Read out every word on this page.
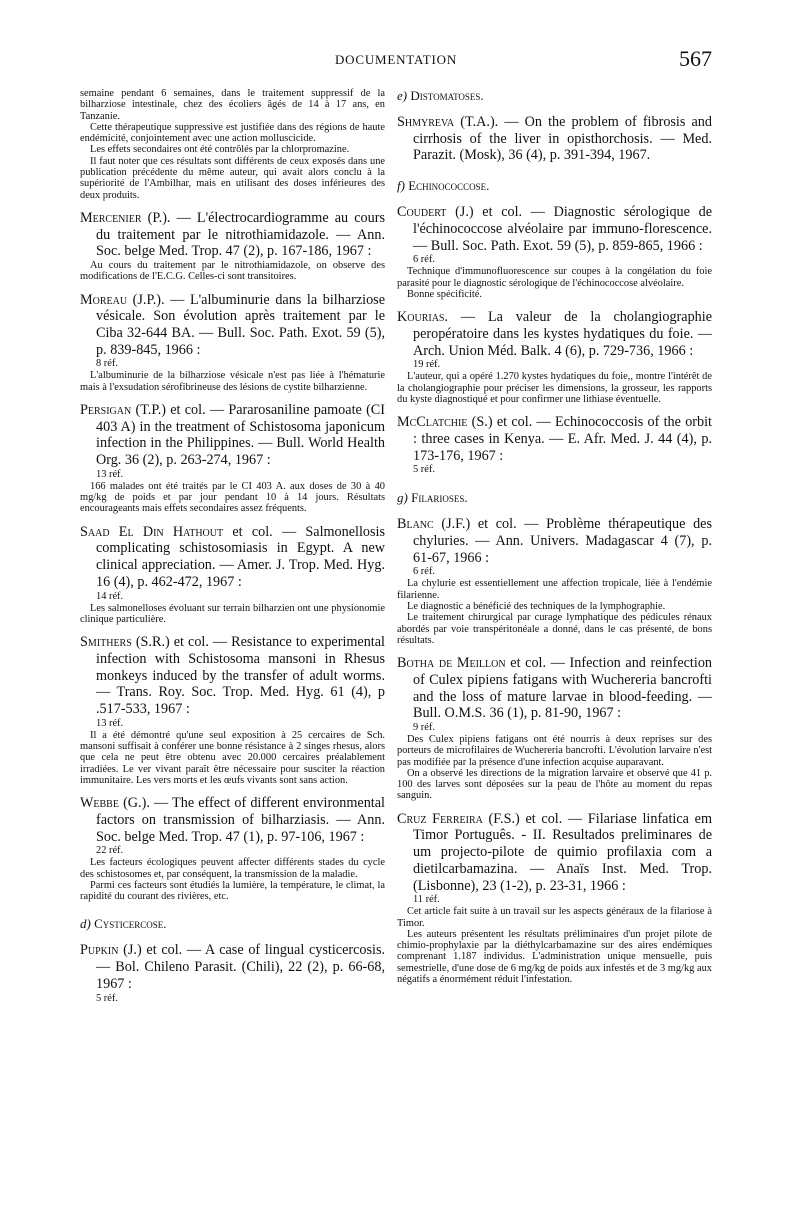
DOCUMENTATION	567

semaine pendant 6 semaines, dans le traitement suppressif de la bilharziose intestinale, chez des écoliers âgés de 14 à 17 ans, en Tanzanie.

Cette thérapeutique suppressive est justifiée dans des régions de haute endémicité, conjointement avec une action molluscicide.

Les effets secondaires ont été contrôlés par la chlorpromazine.

Il faut noter que ces résultats sont différents de ceux exposés dans une publication précédente du même auteur, qui avait alors conclu à la supériorité de l'Ambilhar, mais en utilisant des doses inférieures des deux produits.

Mercenier (P.). — L'électrocardiogramme au cours du traitement par le nitrothiamidazole. — Ann. Soc. belge Med. Trop. 47 (2), p. 167-186, 1967 :

Au cours du traitement par le nitrothiamidazole, on observe des modifications de l'E.C.G. Celles-ci sont transitoires.

Moreau (J.P.). — L'albuminurie dans la bilharziose vésicale. Son évolution après traitement par le Ciba 32-644 BA. — Bull. Soc. Path. Exot. 59 (5), p. 839-845, 1966 :

8 réf.

L'albuminurie de la bilharziose vésicale n'est pas liée à l'hématurie mais à l'exsudation sérofibrineuse des lésions de cystite bilharzienne.

Persigan (T.P.) et col. — Pararosaniline pamoate (CI 403 A) in the treatment of Schistosoma japonicum infection in the Philippines. — Bull. World Health Org. 36 (2), p. 263-274, 1967 :

13 réf.

166 malades ont été traités par le CI 403 A. aux doses de 30 à 40 mg/kg de poids et par jour pendant 10 à 14 jours. Résultats encourageants mais effets secondaires assez fréquents.

Saad El Din Hathout et col. — Salmonellosis complicating schistosomiasis in Egypt. A new clinical appreciation. — Amer. J. Trop. Med. Hyg. 16 (4), p. 462-472, 1967 :

14 réf.

Les salmonelloses évoluant sur terrain bilharzien ont une physionomie clinique particulière.

Smithers (S.R.) et col. — Resistance to experimental infection with Schistosoma mansoni in Rhesus monkeys induced by the transfer of adult worms. — Trans. Roy. Soc. Trop. Med. Hyg. 61 (4), p .517-533, 1967 :

13 réf.

Il a été démontré qu'une seul exposition à 25 cercaires de Sch. mansoni suffisait à conférer une bonne résistance à 2 singes rhesus, alors que cela ne peut être obtenu avec 20.000 cercaires préalablement irradiées. Le ver vivant paraît être nécessaire pour susciter la réaction immunitaire. Les vers morts et les œufs vivants sont sans action.

Webbe (G.). — The effect of different environmental factors on transmission of bilharziasis. — Ann. Soc. belge Med. Trop. 47 (1), p. 97-106, 1967 :

22 réf.

Les facteurs écologiques peuvent affecter différents stades du cycle des schistosomes et, par conséquent, la transmission de la maladie.

Parmi ces facteurs sont étudiés la lumière, la température, le climat, la rapidité du courant des rivières, etc.

d) Cysticercose.

Pupkin (J.) et col. — A case of lingual cysticercosis. — Bol. Chileno Parasit. (Chili), 22 (2), p. 66-68, 1967 :

5 réf.
e) Distomatoses.

Shmyreva (T.A.). — On the problem of fibrosis and cirrhosis of the liver in opisthorchosis. — Med. Parazit. (Mosk), 36 (4), p. 391-394, 1967.

f) Echinococcose.

Coudert (J.) et col. — Diagnostic sérologique de l'échinococcose alvéolaire par immuno-florescence. — Bull. Soc. Path. Exot. 59 (5), p. 859-865, 1966 :

6 réf.

Technique d'immunofluorescence sur coupes à la congélation du foie parasité pour le diagnostic sérologique de l'échinococcose alvéolaire.

Bonne spécificité.

Kourias. — La valeur de la cholangiographie peropératoire dans les kystes hydatiques du foie. — Arch. Union Méd. Balk. 4 (6), p. 729-736, 1966 :

19 réf.

L'auteur, qui a opéré 1.270 kystes hydatiques du foie,, montre l'intérêt de la cholangiographie pour préciser les dimensions, la grosseur, les rapports du kyste diagnostiqué et pour confirmer une lithiase éventuelle.

McClatchie (S.) et col. — Echinococcosis of the orbit : three cases in Kenya. — E. Afr. Med. J. 44 (4), p. 173-176, 1967 :

5 réf.
g) Filarioses.

Blanc (J.F.) et col. — Problème thérapeutique des chyluries. — Ann. Univers. Madagascar 4 (7), p. 61-67, 1966 :

6 réf.

La chylurie est essentiellement une affection tropicale, liée à l'endémie filarienne.

Le diagnostic a bénéficié des techniques de la lymphographie.

Le traitement chirurgical par curage lymphatique des pédicules rénaux abordés par voie transpéritonéale a donné, dans le cas présenté, de bons résultats.

Botha de Meillon et col. — Infection and reinfection of Culex pipiens fatigans with Wuchereria bancrofti and the loss of mature larvae in blood-feeding. — Bull. O.M.S. 36 (1), p. 81-90, 1967 :

9 réf.

Des Culex pipiens fatigans ont été nourris à deux reprises sur des porteurs de microfilaires de Wuchereria bancrofti. L'évolution larvaire n'est pas modifiée par la présence d'une infection acquise auparavant.

On a observé les directions de la migration larvaire et observé que 41 p. 100 des larves sont déposées sur la peau de l'hôte au moment du repas sanguin.

Cruz Ferreira (F.S.) et col. — Filariase linfatica em Timor Português. - II. Resultados preliminares de um projecto-pilote de quimio profilaxia com a dietilcarbamazina. — Anaïs Inst. Med. Trop. (Lisbonne), 23 (1-2), p. 23-31, 1966 :

11 réf.

Cet article fait suite à un travail sur les aspects généraux de la filariose à Timor.

Les auteurs présentent les résultats préliminaires d'un projet pilote de chimio-prophylaxie par la diéthylcarbamazine sur des aires endémiques comprenant 1.187 individus. L'administration unique mensuelle, puis semestrielle, d'une dose de 6 mg/kg de poids aux infestés et de 3 mg/kg aux négatifs a énormément réduit l'infestation.
